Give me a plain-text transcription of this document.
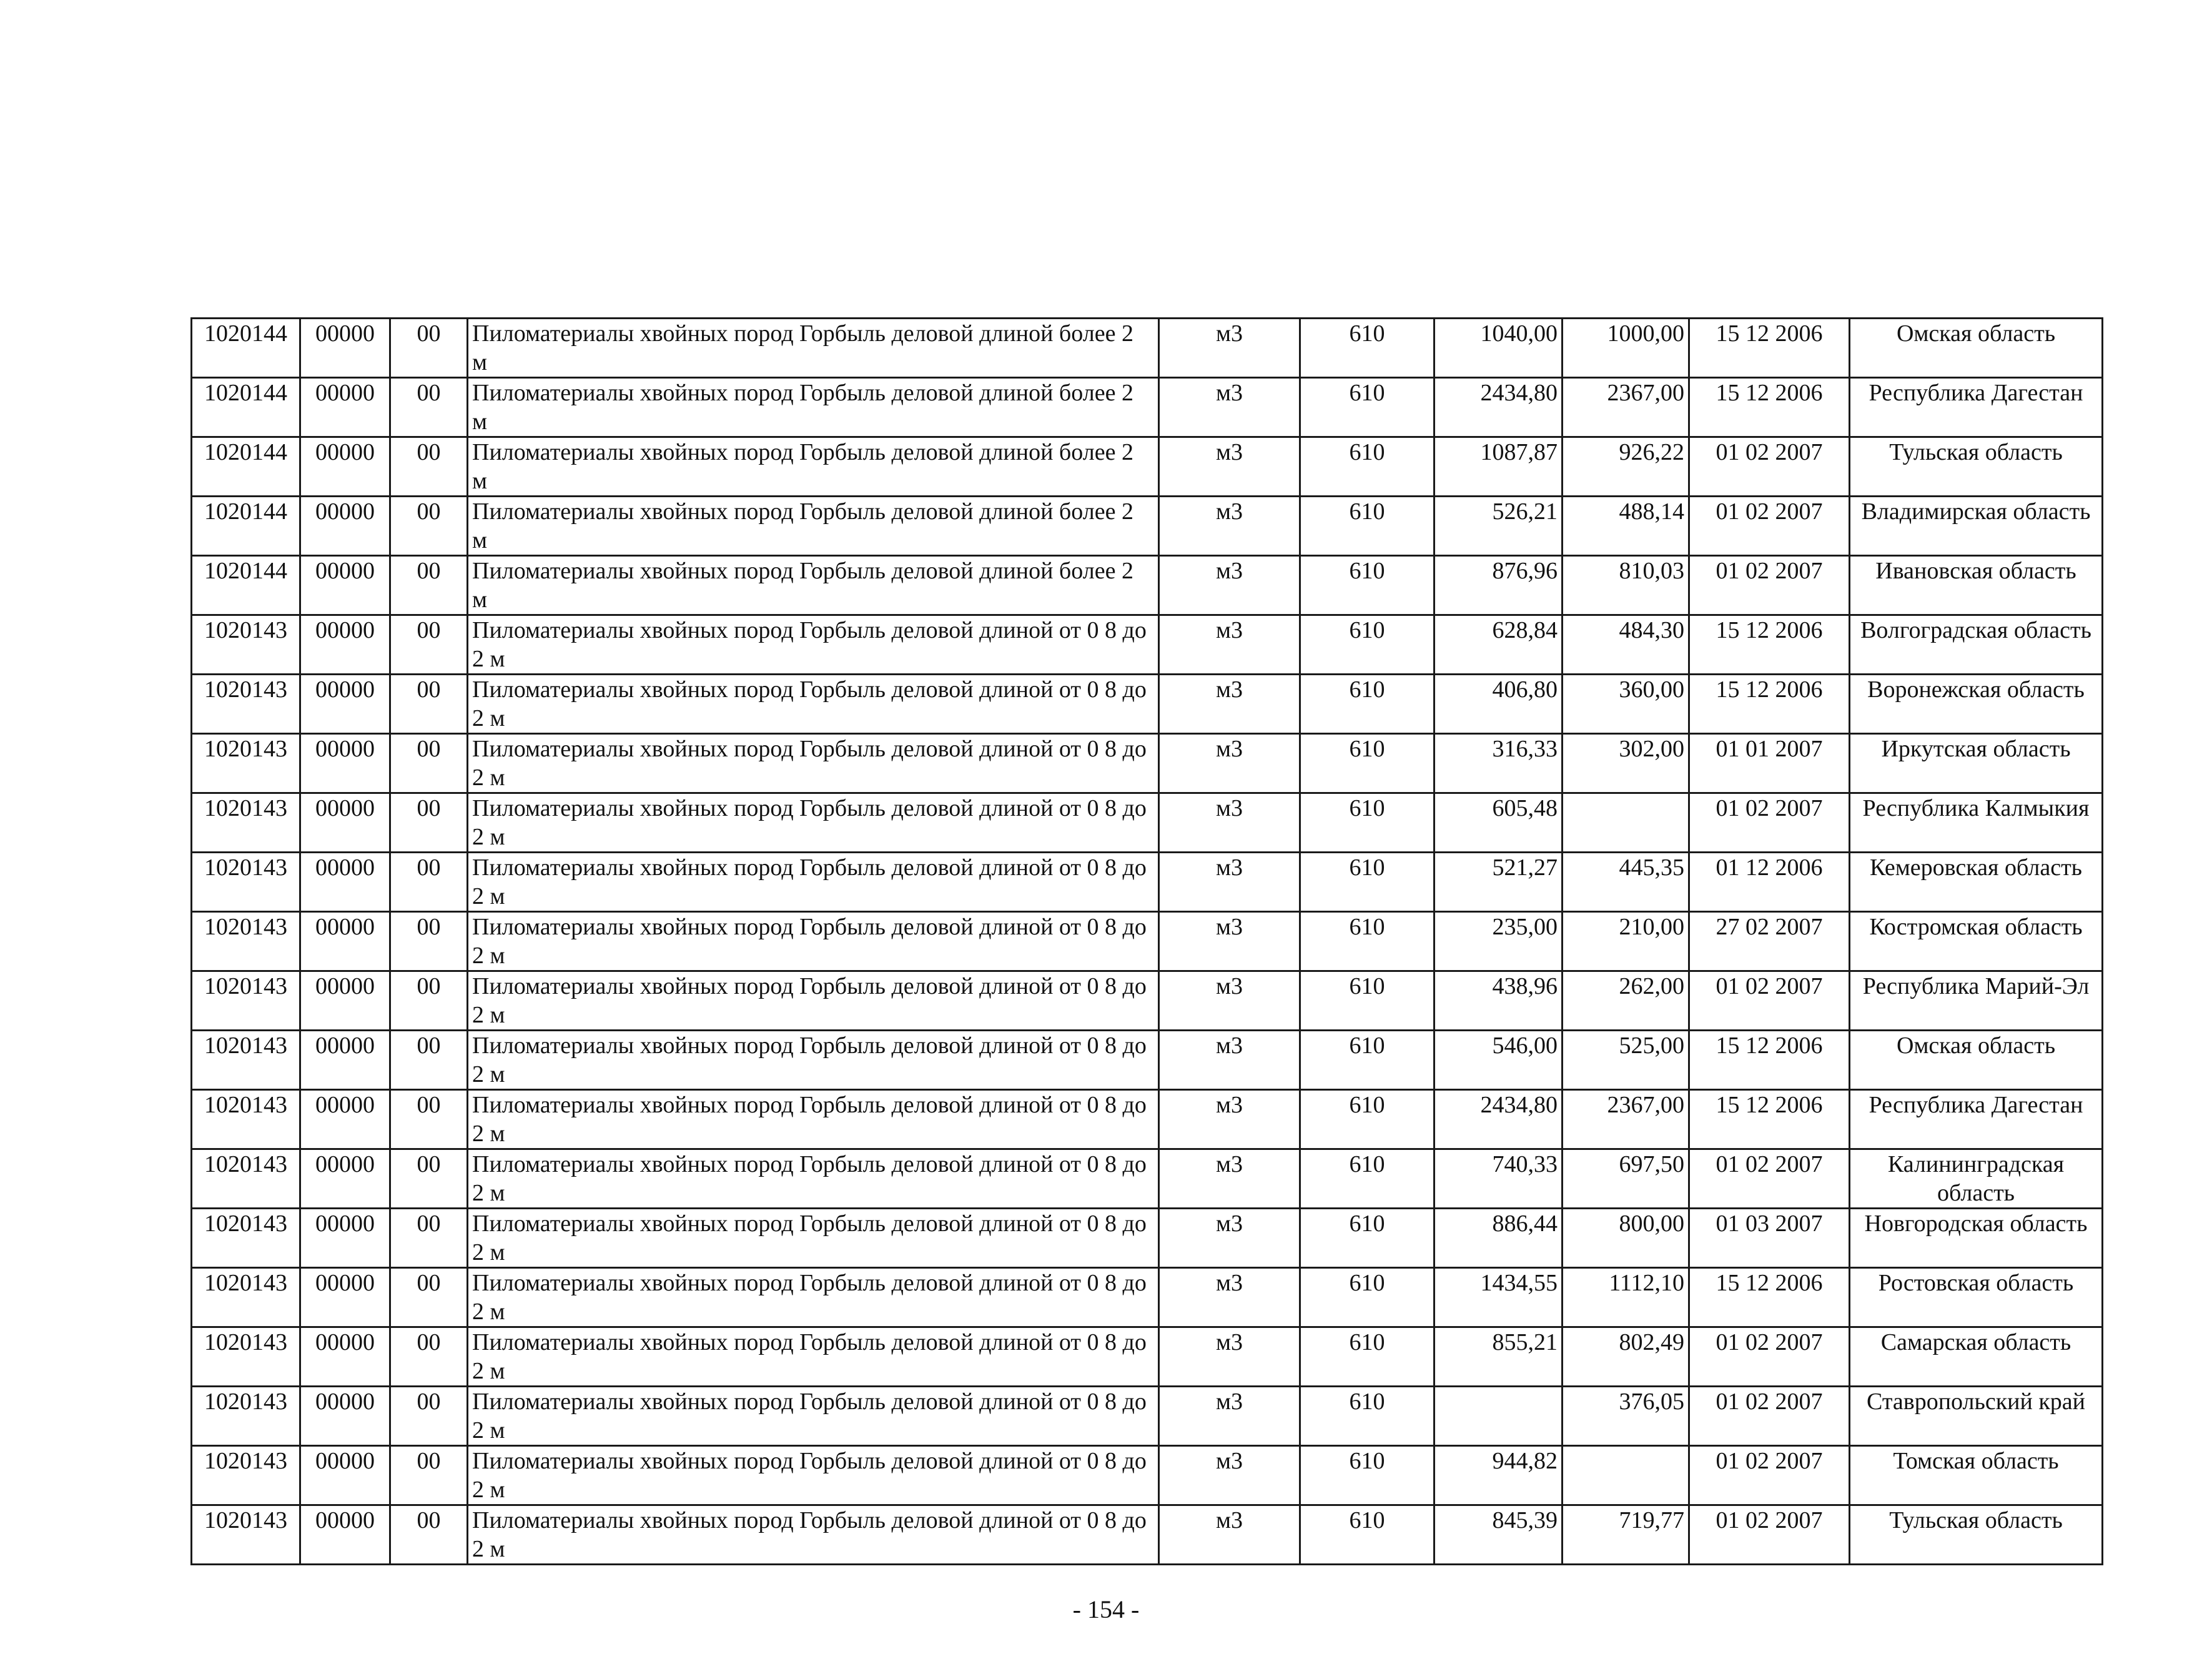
1020144	00000	00	Пиломатериалы хвойных пород Горбыль деловой длиной более 2 м	м3	610	1040,00	1000,00	15 12 2006	Омская область
1020144	00000	00	Пиломатериалы хвойных пород Горбыль деловой длиной более 2 м	м3	610	2434,80	2367,00	15 12 2006	Республика Дагестан
1020144	00000	00	Пиломатериалы хвойных пород Горбыль деловой длиной более 2 м	м3	610	1087,87	926,22	01 02 2007	Тульская область
1020144	00000	00	Пиломатериалы хвойных пород Горбыль деловой длиной более 2 м	м3	610	526,21	488,14	01 02 2007	Владимирская область
1020144	00000	00	Пиломатериалы хвойных пород Горбыль деловой длиной более 2 м	м3	610	876,96	810,03	01 02 2007	Ивановская область
1020143	00000	00	Пиломатериалы хвойных пород Горбыль деловой длиной от 0 8 до 2 м	м3	610	628,84	484,30	15 12 2006	Волгоградская область
1020143	00000	00	Пиломатериалы хвойных пород Горбыль деловой длиной от 0 8 до 2 м	м3	610	406,80	360,00	15 12 2006	Воронежская область
1020143	00000	00	Пиломатериалы хвойных пород Горбыль деловой длиной от 0 8 до 2 м	м3	610	316,33	302,00	01 01 2007	Иркутская область
1020143	00000	00	Пиломатериалы хвойных пород Горбыль деловой длиной от 0 8 до 2 м	м3	610	605,48		01 02 2007	Республика Калмыкия
1020143	00000	00	Пиломатериалы хвойных пород Горбыль деловой длиной от 0 8 до 2 м	м3	610	521,27	445,35	01 12 2006	Кемеровская область
1020143	00000	00	Пиломатериалы хвойных пород Горбыль деловой длиной от 0 8 до 2 м	м3	610	235,00	210,00	27 02 2007	Костромская область
1020143	00000	00	Пиломатериалы хвойных пород Горбыль деловой длиной от 0 8 до 2 м	м3	610	438,96	262,00	01 02 2007	Республика Марий-Эл
1020143	00000	00	Пиломатериалы хвойных пород Горбыль деловой длиной от 0 8 до 2 м	м3	610	546,00	525,00	15 12 2006	Омская область
1020143	00000	00	Пиломатериалы хвойных пород Горбыль деловой длиной от 0 8 до 2 м	м3	610	2434,80	2367,00	15 12 2006	Республика Дагестан
1020143	00000	00	Пиломатериалы хвойных пород Горбыль деловой длиной от 0 8 до 2 м	м3	610	740,33	697,50	01 02 2007	Калининградская область
1020143	00000	00	Пиломатериалы хвойных пород Горбыль деловой длиной от 0 8 до 2 м	м3	610	886,44	800,00	01 03 2007	Новгородская область
1020143	00000	00	Пиломатериалы хвойных пород Горбыль деловой длиной от 0 8 до 2 м	м3	610	1434,55	1112,10	15 12 2006	Ростовская область
1020143	00000	00	Пиломатериалы хвойных пород Горбыль деловой длиной от 0 8 до 2 м	м3	610	855,21	802,49	01 02 2007	Самарская область
1020143	00000	00	Пиломатериалы хвойных пород Горбыль деловой длиной от 0 8 до 2 м	м3	610		376,05	01 02 2007	Ставропольский край
1020143	00000	00	Пиломатериалы хвойных пород Горбыль деловой длиной от 0 8 до 2 м	м3	610	944,82		01 02 2007	Томская область
1020143	00000	00	Пиломатериалы хвойных пород Горбыль деловой длиной от 0 8 до 2 м	м3	610	845,39	719,77	01 02 2007	Тульская область
- 154 -
